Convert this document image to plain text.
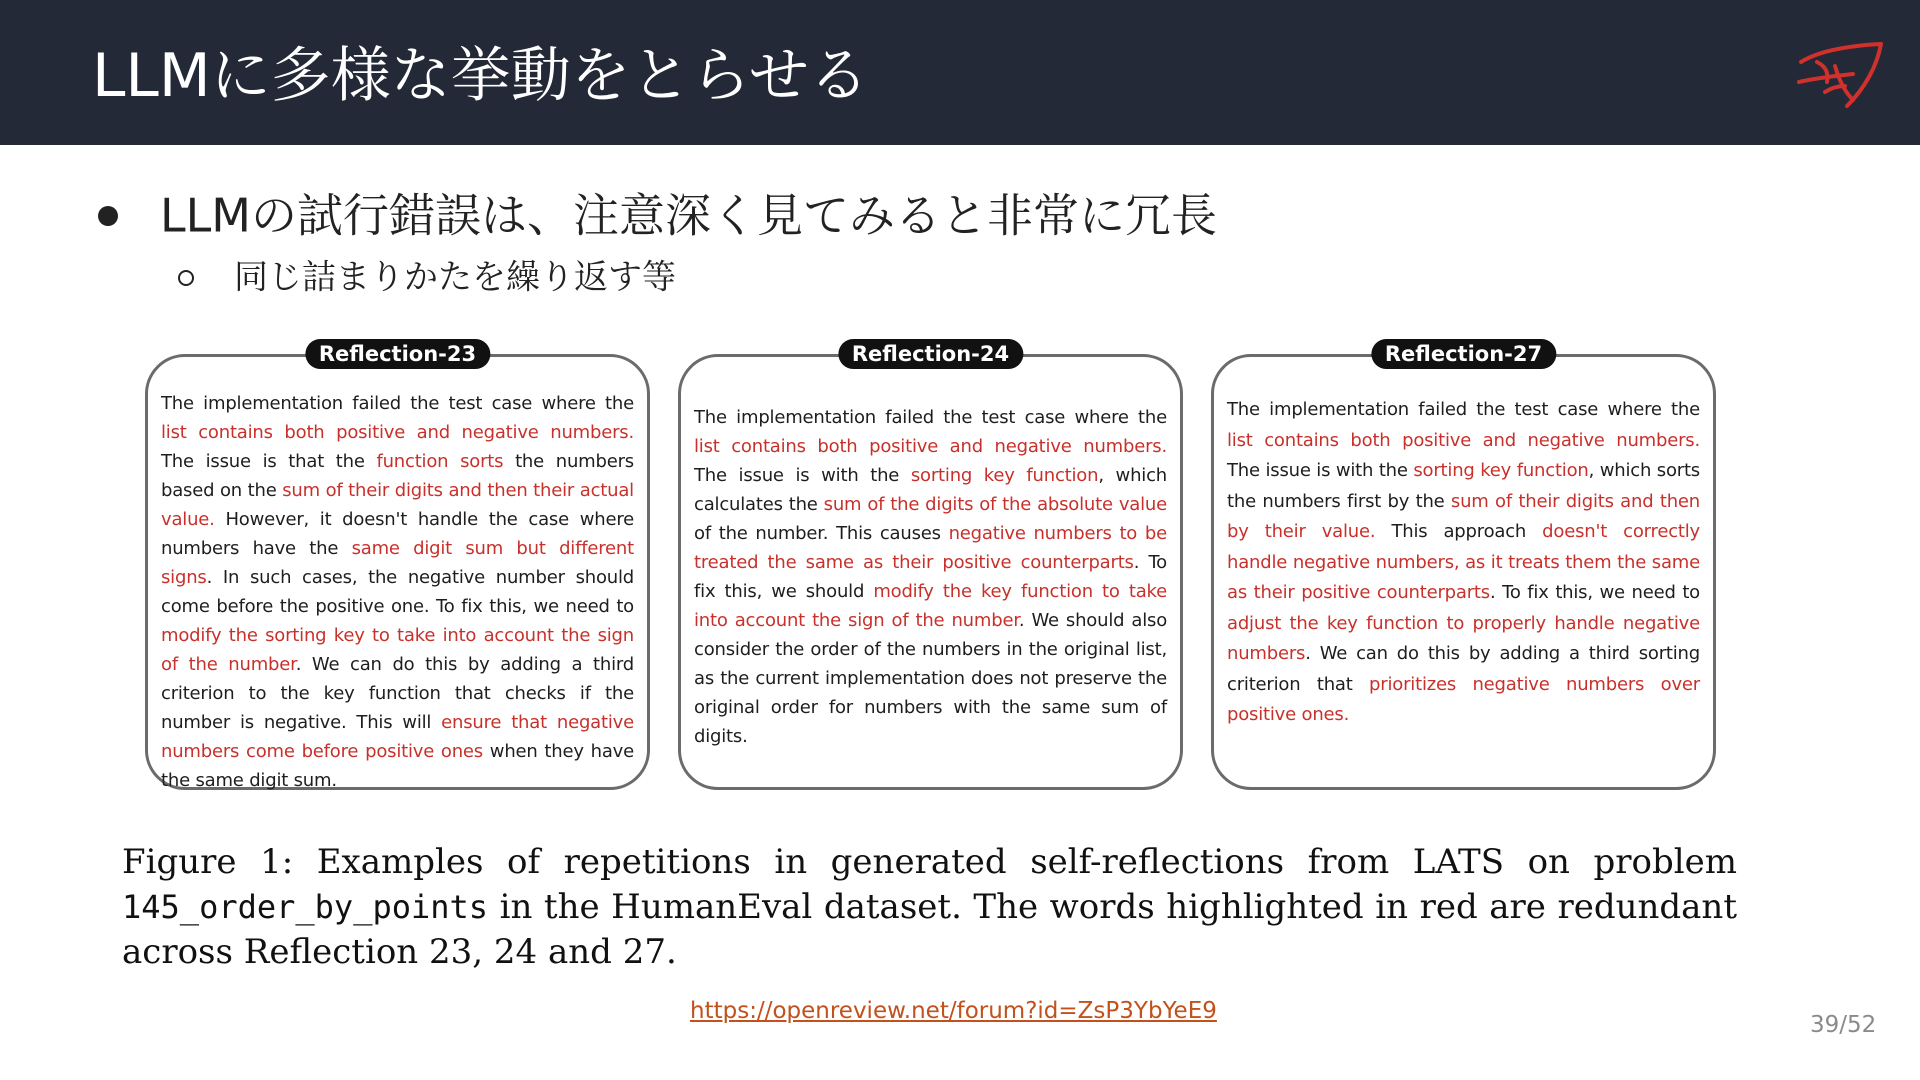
LLMに多様な挙動をとらせる
LLMの試行錯誤は、注意深く見てみると非常に冗長
同じ詰まりかたを繰り返す等
Reflection-23
The implementation failed the test case where the list contains both positive and negative numbers. The issue is that the function sorts the numbers based on the sum of their digits and then their actual value. However, it doesn't handle the case where numbers have the same digit sum but different signs. In such cases, the negative number should come before the positive one. To fix this, we need to modify the sorting key to take into account the sign of the number. We can do this by adding a third criterion to the key function that checks if the number is negative. This will ensure that negative numbers come before positive ones when they have the same digit sum.
Reflection-24
The implementation failed the test case where the list contains both positive and negative numbers. The issue is with the sorting key function, which calculates the sum of the digits of the absolute value of the number. This causes negative numbers to be treated the same as their positive counterparts. To fix this, we should modify the key function to take into account the sign of the number. We should also consider the order of the numbers in the original list, as the current implementation does not preserve the original order for numbers with the same sum of digits.
Reflection-27
The implementation failed the test case where the list contains both positive and negative numbers. The issue is with the sorting key function, which sorts the numbers first by the sum of their digits and then by their value. This approach doesn't correctly handle negative numbers, as it treats them the same as their positive counterparts. To fix this, we need to adjust the key function to properly handle negative numbers. We can do this by adding a third sorting criterion that prioritizes negative numbers over positive ones.
Figure 1: Examples of repetitions in generated self-reflections from LATS on problem 145_order_by_points in the HumanEval dataset. The words highlighted in red are redundant across Reflection 23, 24 and 27.
https://openreview.net/forum?id=ZsP3YbYeE9
39/52
